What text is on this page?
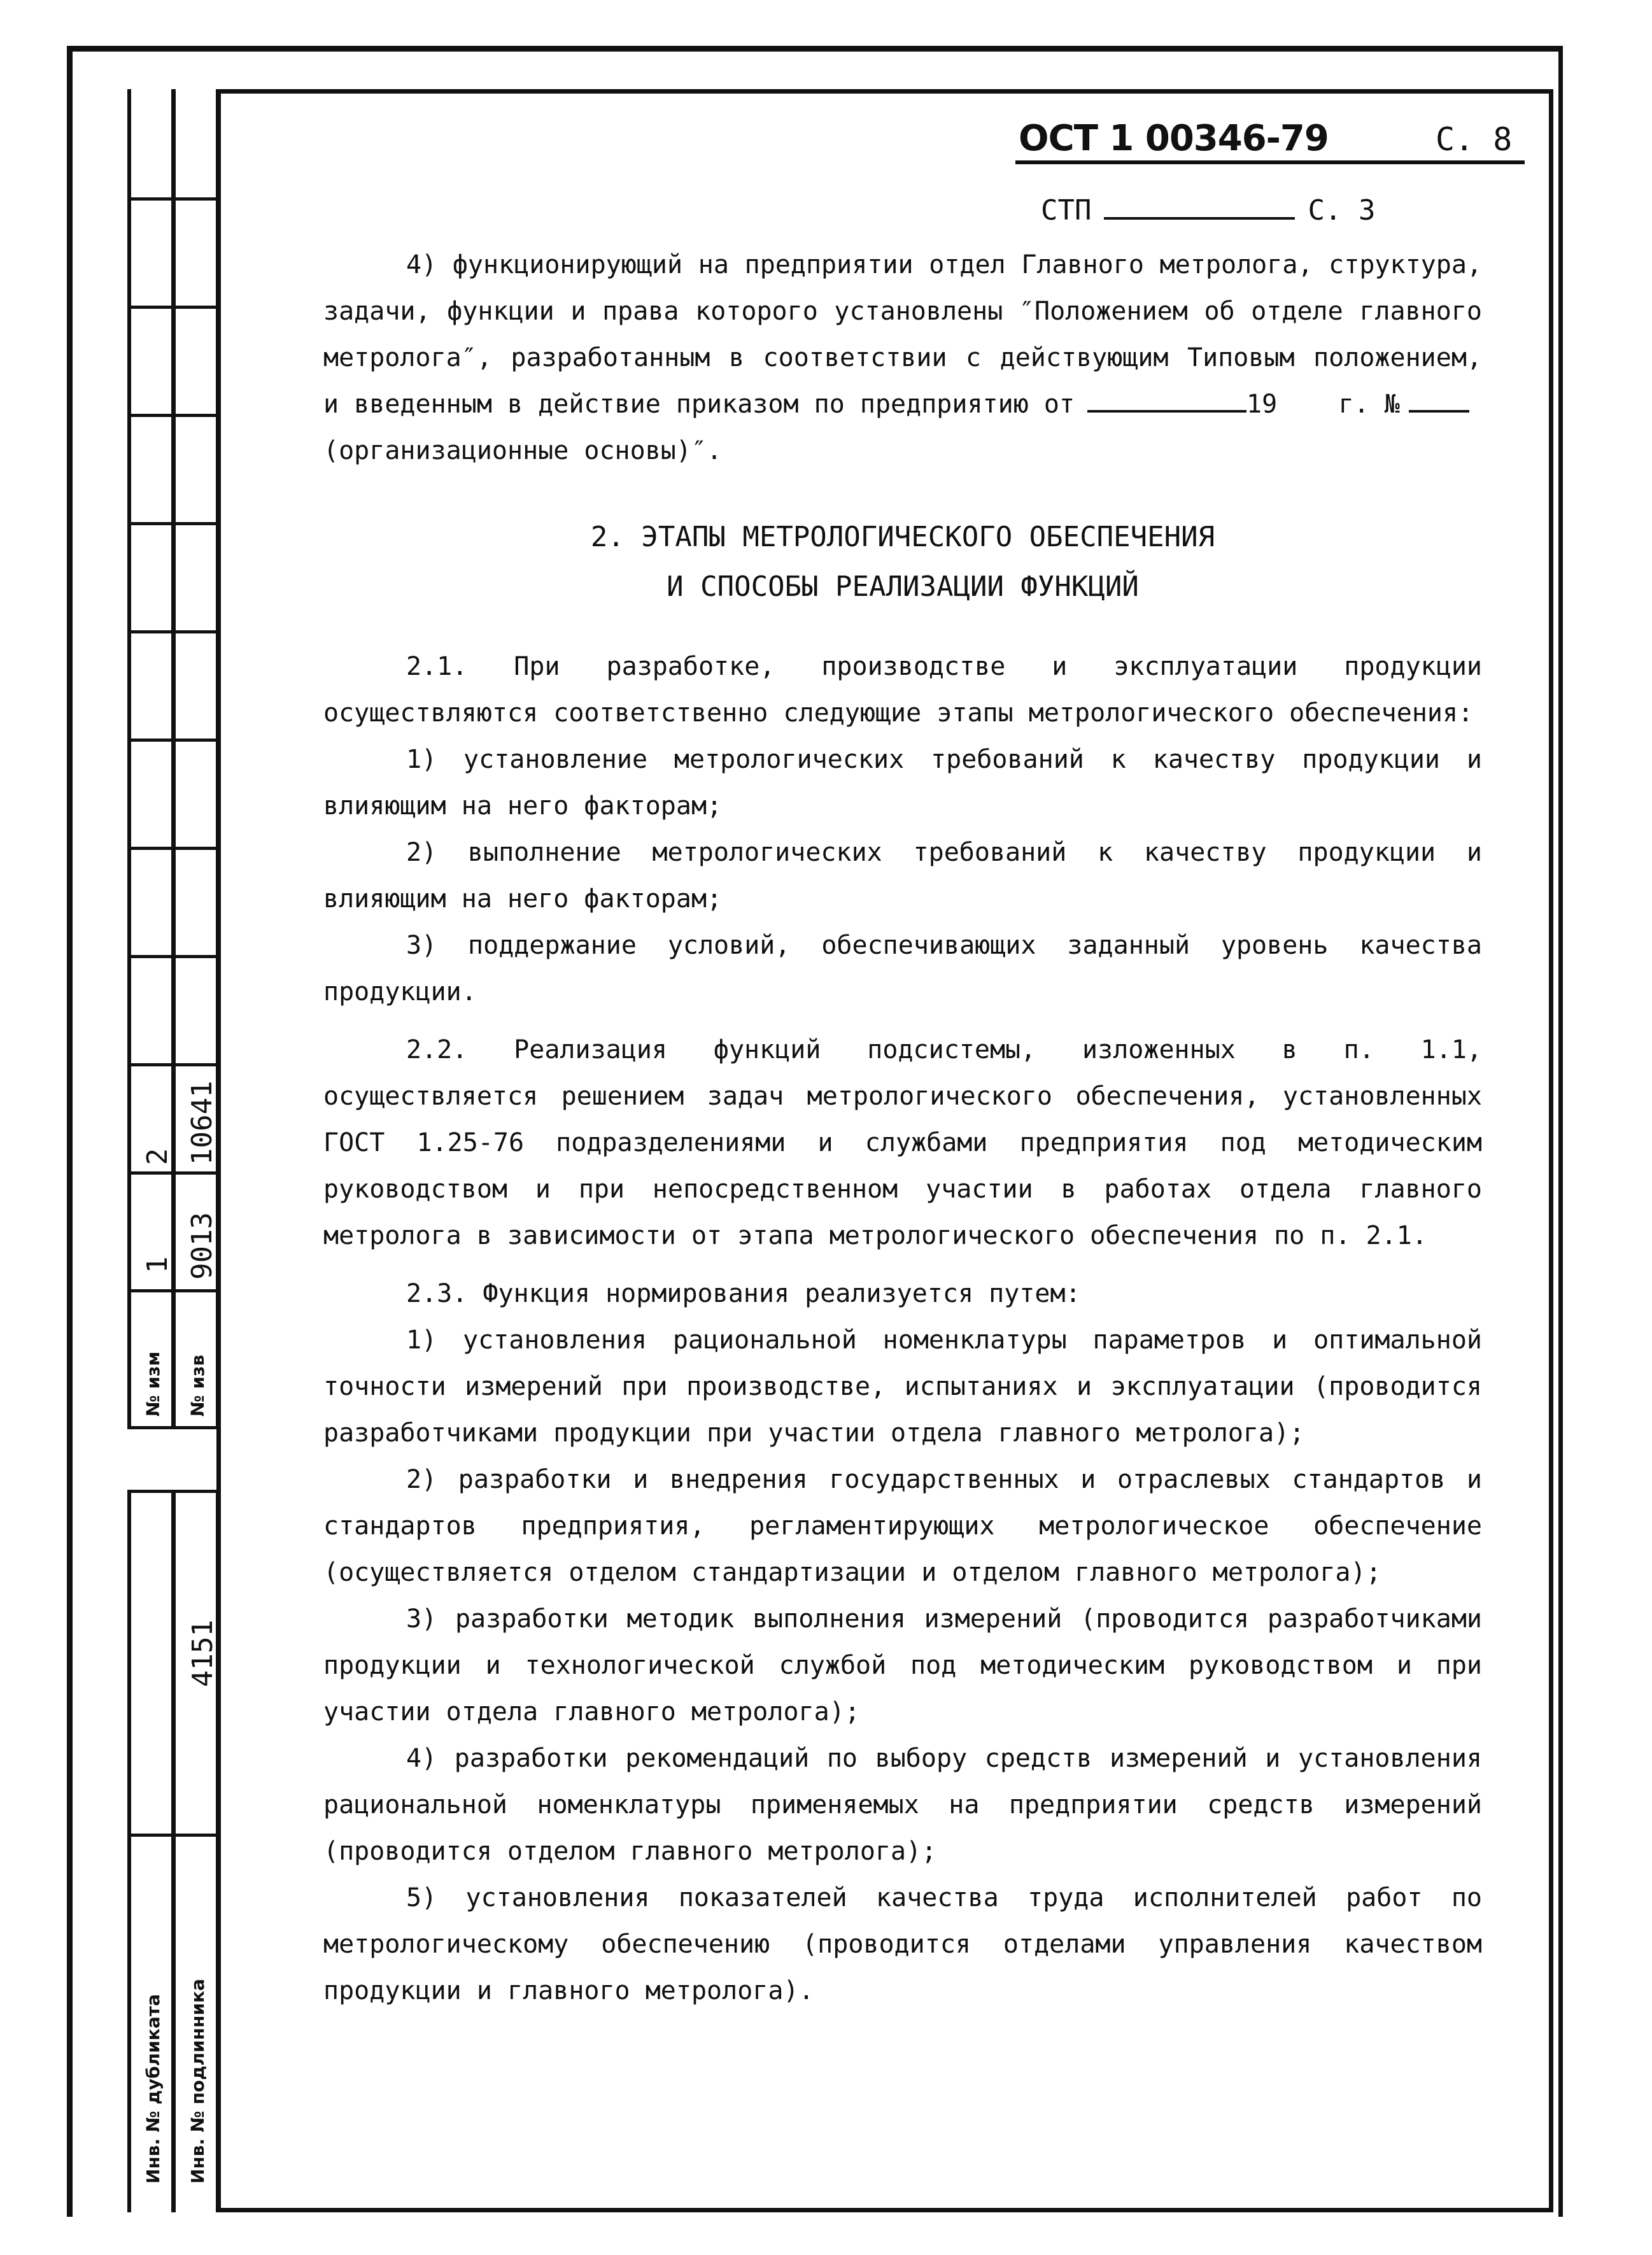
2 10641
1 9013
№ изм № изв
4151
Инв. № дубликата Инв. № подлинника
ОСТ 1 00346-79	С. 8
СТП	С. 3

4) функционирующий на предприятии отдел Главного метролога, структура, задачи, функции и права которого установлены ″Положением об отделе главного метролога″, разработанным в соответствии с действующим Типовым положением, и введенным в действие приказом по предприятию от	19 г. №

(организационные основы)″.

2. ЭТАПЫ МЕТРОЛОГИЧЕСКОГО ОБЕСПЕЧЕНИЯ

И СПОСОБЫ РЕАЛИЗАЦИИ ФУНКЦИЙ

2.1. При разработке, производстве и эксплуатации продукции осуществляются соответственно следующие этапы метрологического обеспечения:

1) установление метрологических требований к качеству продукции и влияющим на него факторам;

2) выполнение метрологических требований к качеству продукции и влияющим на него факторам;

3) поддержание условий, обеспечивающих заданный уровень качества продукции.

2.2. Реализация функций подсистемы, изложенных в п. 1.1, осуществляется решением задач метрологического обеспечения, установленных ГОСТ 1.25-76 подразделениями и службами предприятия под методическим руководством и при непосредственном участии в работах отдела главного метролога в зависимости от этапа метрологического обеспечения по п. 2.1.

2.3. Функция нормирования реализуется путем:

1) установления рациональной номенклатуры параметров и оптимальной точности измерений при производстве, испытаниях и эксплуатации (проводится разработчиками продукции при участии отдела главного метролога);

2) разработки и внедрения государственных и отраслевых стандартов и стандартов предприятия, регламентирующих метрологическое обеспечение (осуществляется отделом стандартизации и отделом главного метролога);

3) разработки методик выполнения измерений (проводится разработчиками продукции и технологической службой под методическим руководством и при участии отдела главного метролога);

4) разработки рекомендаций по выбору средств измерений и установления рациональной номенклатуры применяемых на предприятии средств измерений (проводится отделом главного метролога);

5) установления показателей качества труда исполнителей работ по метрологическому обеспечению (проводится отделами управления качеством продукции и главного метролога).
